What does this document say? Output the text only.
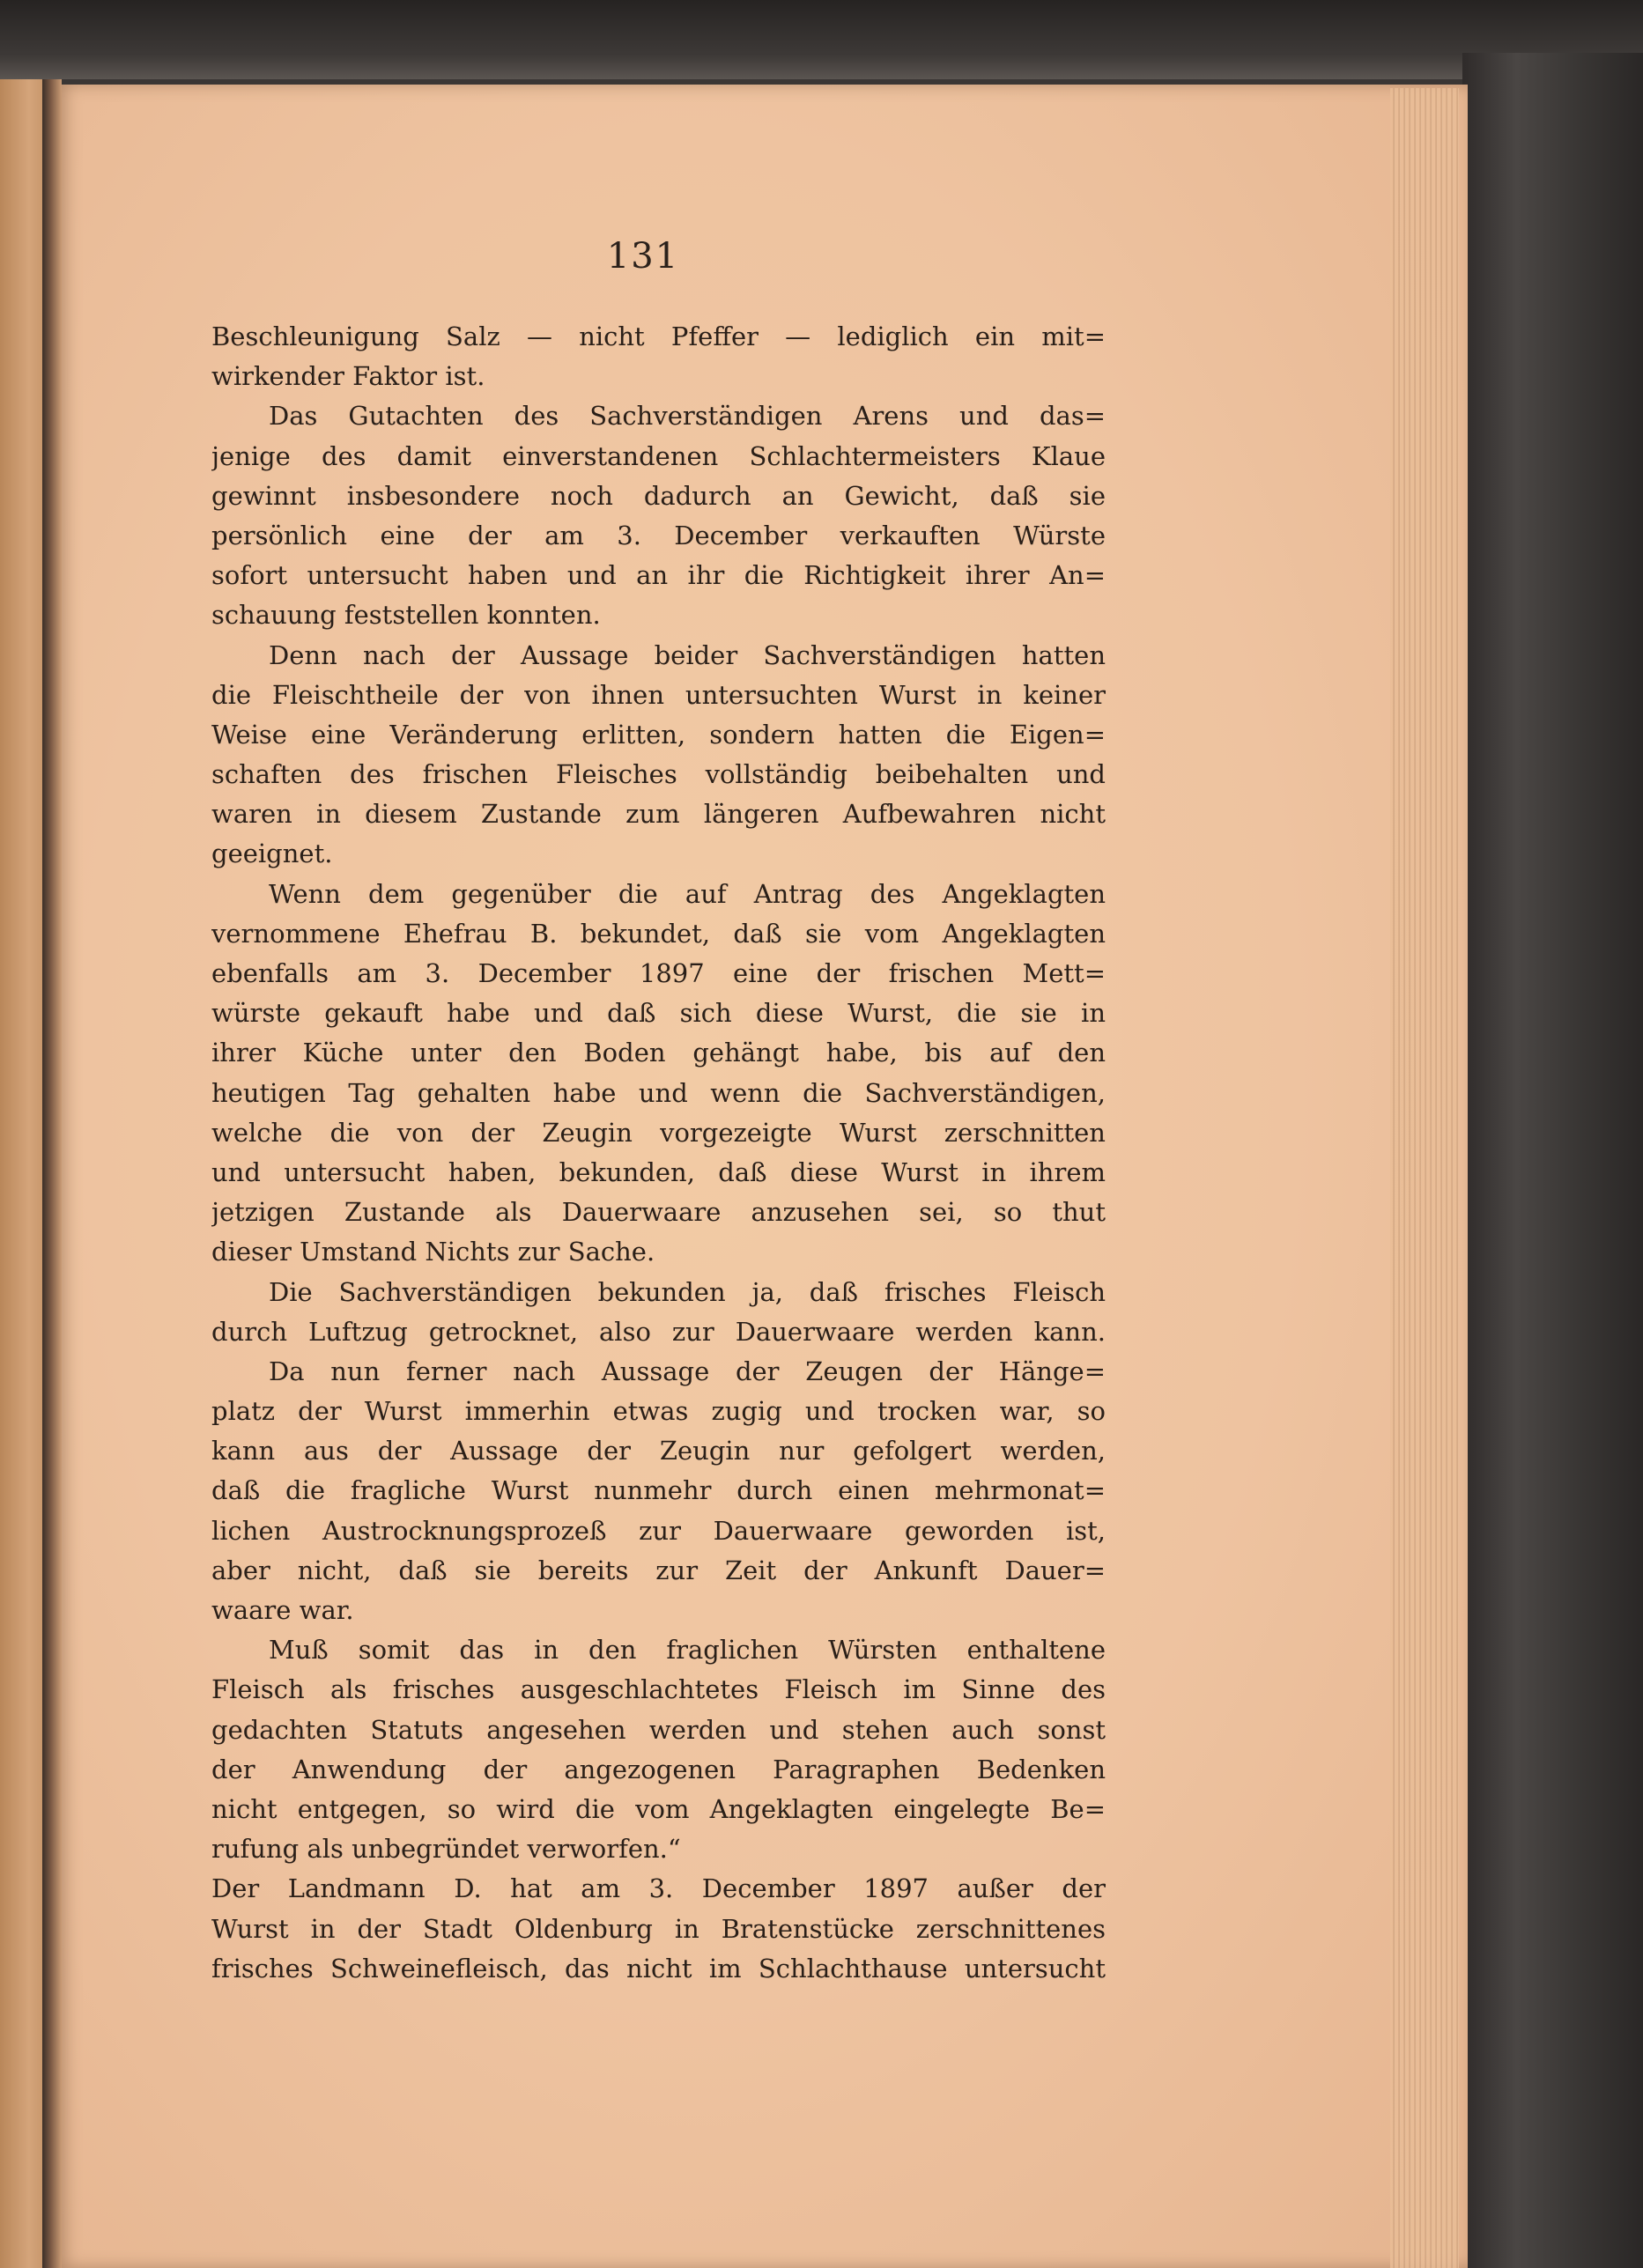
131
Beschleunigung Salz — nicht Pfeffer — lediglich ein mit=
wirkender Faktor ist.
Das Gutachten des Sachverständigen Arens und das=
jenige des damit einverstandenen Schlachtermeisters Klaue
gewinnt insbesondere noch dadurch an Gewicht, daß sie
persönlich eine der am 3. December verkauften Würste
sofort untersucht haben und an ihr die Richtigkeit ihrer An=
schauung feststellen konnten.
Denn nach der Aussage beider Sachverständigen hatten
die Fleischtheile der von ihnen untersuchten Wurst in keiner
Weise eine Veränderung erlitten, sondern hatten die Eigen=
schaften des frischen Fleisches vollständig beibehalten und
waren in diesem Zustande zum längeren Aufbewahren nicht
geeignet.
Wenn dem gegenüber die auf Antrag des Angeklagten
vernommene Ehefrau B. bekundet, daß sie vom Angeklagten
ebenfalls am 3. December 1897 eine der frischen Mett=
würste gekauft habe und daß sich diese Wurst, die sie in
ihrer Küche unter den Boden gehängt habe, bis auf den
heutigen Tag gehalten habe und wenn die Sachverständigen,
welche die von der Zeugin vorgezeigte Wurst zerschnitten
und untersucht haben, bekunden, daß diese Wurst in ihrem
jetzigen Zustande als Dauerwaare anzusehen sei, so thut
dieser Umstand Nichts zur Sache.
Die Sachverständigen bekunden ja, daß frisches Fleisch
durch Luftzug getrocknet, also zur Dauerwaare werden kann.
Da nun ferner nach Aussage der Zeugen der Hänge=
platz der Wurst immerhin etwas zugig und trocken war, so
kann aus der Aussage der Zeugin nur gefolgert werden,
daß die fragliche Wurst nunmehr durch einen mehrmonat=
lichen Austrocknungsprozeß zur Dauerwaare geworden ist,
aber nicht, daß sie bereits zur Zeit der Ankunft Dauer=
waare war.
Muß somit das in den fraglichen Würsten enthaltene
Fleisch als frisches ausgeschlachtetes Fleisch im Sinne des
gedachten Statuts angesehen werden und stehen auch sonst
der Anwendung der angezogenen Paragraphen Bedenken
nicht entgegen, so wird die vom Angeklagten eingelegte Be=
rufung als unbegründet verworfen.“
Der Landmann D. hat am 3. December 1897 außer der
Wurst in der Stadt Oldenburg in Bratenstücke zerschnittenes
frisches Schweinefleisch, das nicht im Schlachthause untersucht
